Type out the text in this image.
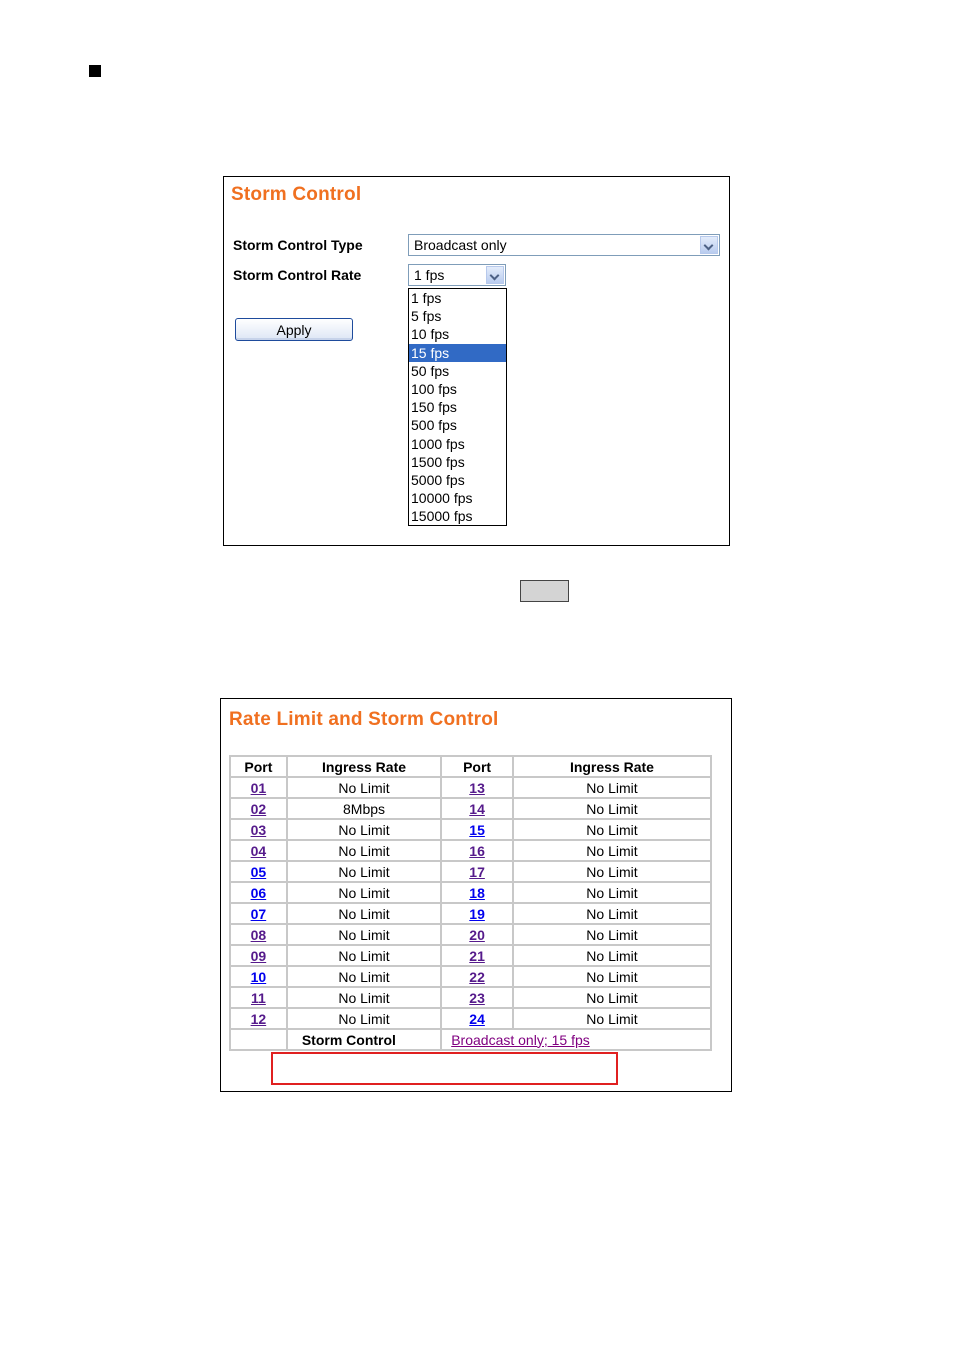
Storm Control
Storm Control Type	Broadcast only
Storm Control Rate	1 fps
Apply
1 fps
5 fps
10 fps
15 fps
50 fps
100 fps
150 fps
500 fps
1000 fps
1500 fps
5000 fps
10000 fps
15000 fps
Rate Limit and Storm Control
Port	Ingress Rate	Port	Ingress Rate
01	No Limit	13	No Limit
02	8Mbps	14	No Limit
03	No Limit	15	No Limit
04	No Limit	16	No Limit
05	No Limit	17	No Limit
06	No Limit	18	No Limit
07	No Limit	19	No Limit
08	No Limit	20	No Limit
09	No Limit	21	No Limit
10	No Limit	22	No Limit
11	No Limit	23	No Limit
12	No Limit	24	No Limit
	Storm Control	Broadcast only; 15 fps	
